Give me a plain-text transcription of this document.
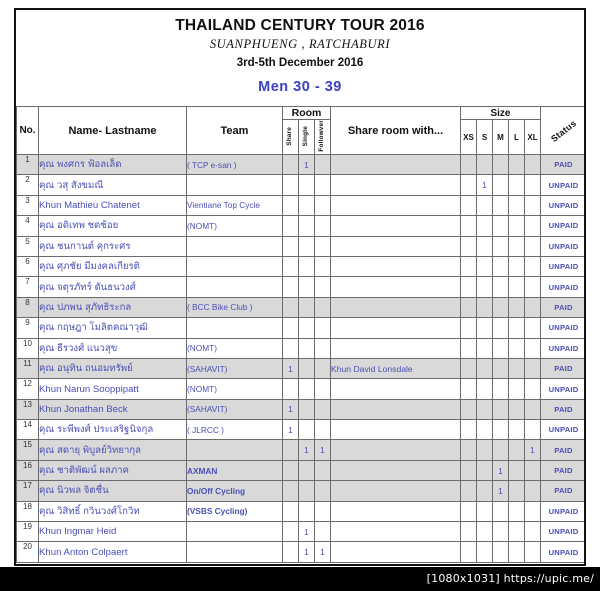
THAILAND CENTURY TOUR 2016
SUANPHUENG , RATCHABURI
3rd-5th December 2016
Men 30 - 39
No.	Name- Lastname	Team	Room			Share room with...	Size					Status
			Share	Single	Followver		XS	S	M	L	XL	
1	คุณ พงศกร ฟ้อลเล็ด	( TCP e-san )		1								PAID
2	คุณ วสุ สังขมณี							1				UNPAID
3	Khun Mathieu Chatenet	Vientiane Top Cycle										UNPAID
4	คุณ อดิเทพ ชดช้อย	(NOMT)										UNPAID
5	คุณ ชนกานต์ คุกระศร											UNPAID
6	คุณ ศุภชัย มีมงคลเกียรติ											UNPAID
7	คุณ จตุรภัทร์ ตันธนวงศ์											UNPAID
8	คุณ ปภพน สุภัทธิระกล	( BCC Bike Club )										PAID
9	คุณ กฤษฎา โมลิตคณาวุฒิ											UNPAID
10	คุณ ธีรวงศ์ แนวสุข	(NOMT)										UNPAID
11	คุณ อนุทิน ถนอมทรัพย์	(SAHAVIT)	1			Khun David Lonsdale						PAID
12	Khun Narun Sooppipatt	(NOMT)										UNPAID
13	Khun Jonathan Beck	(SAHAVIT)	1									PAID
14	คุณ ระพีพงศ์ ประเสริฐนิจกุล	( JLRCC )	1									UNPAID
15	คุณ สดายุ พิบูลย์วิทยากุล			1	1						1	PAID
16	คุณ ชาติพัฒน์ ผลภาค	AXMAN							1			PAID
17	คุณ นิวพล จิตชื่น	On/Off Cycling							1			PAID
18	คุณ วิสิทธิ์ กวินวงศ์โกวิท	(VSBS Cycling)										UNPAID
19	Khun Ingmar Heid			1								UNPAID
20	Khun Anton Colpaert			1	1							UNPAID
[1080x1031] https://upic.me/
